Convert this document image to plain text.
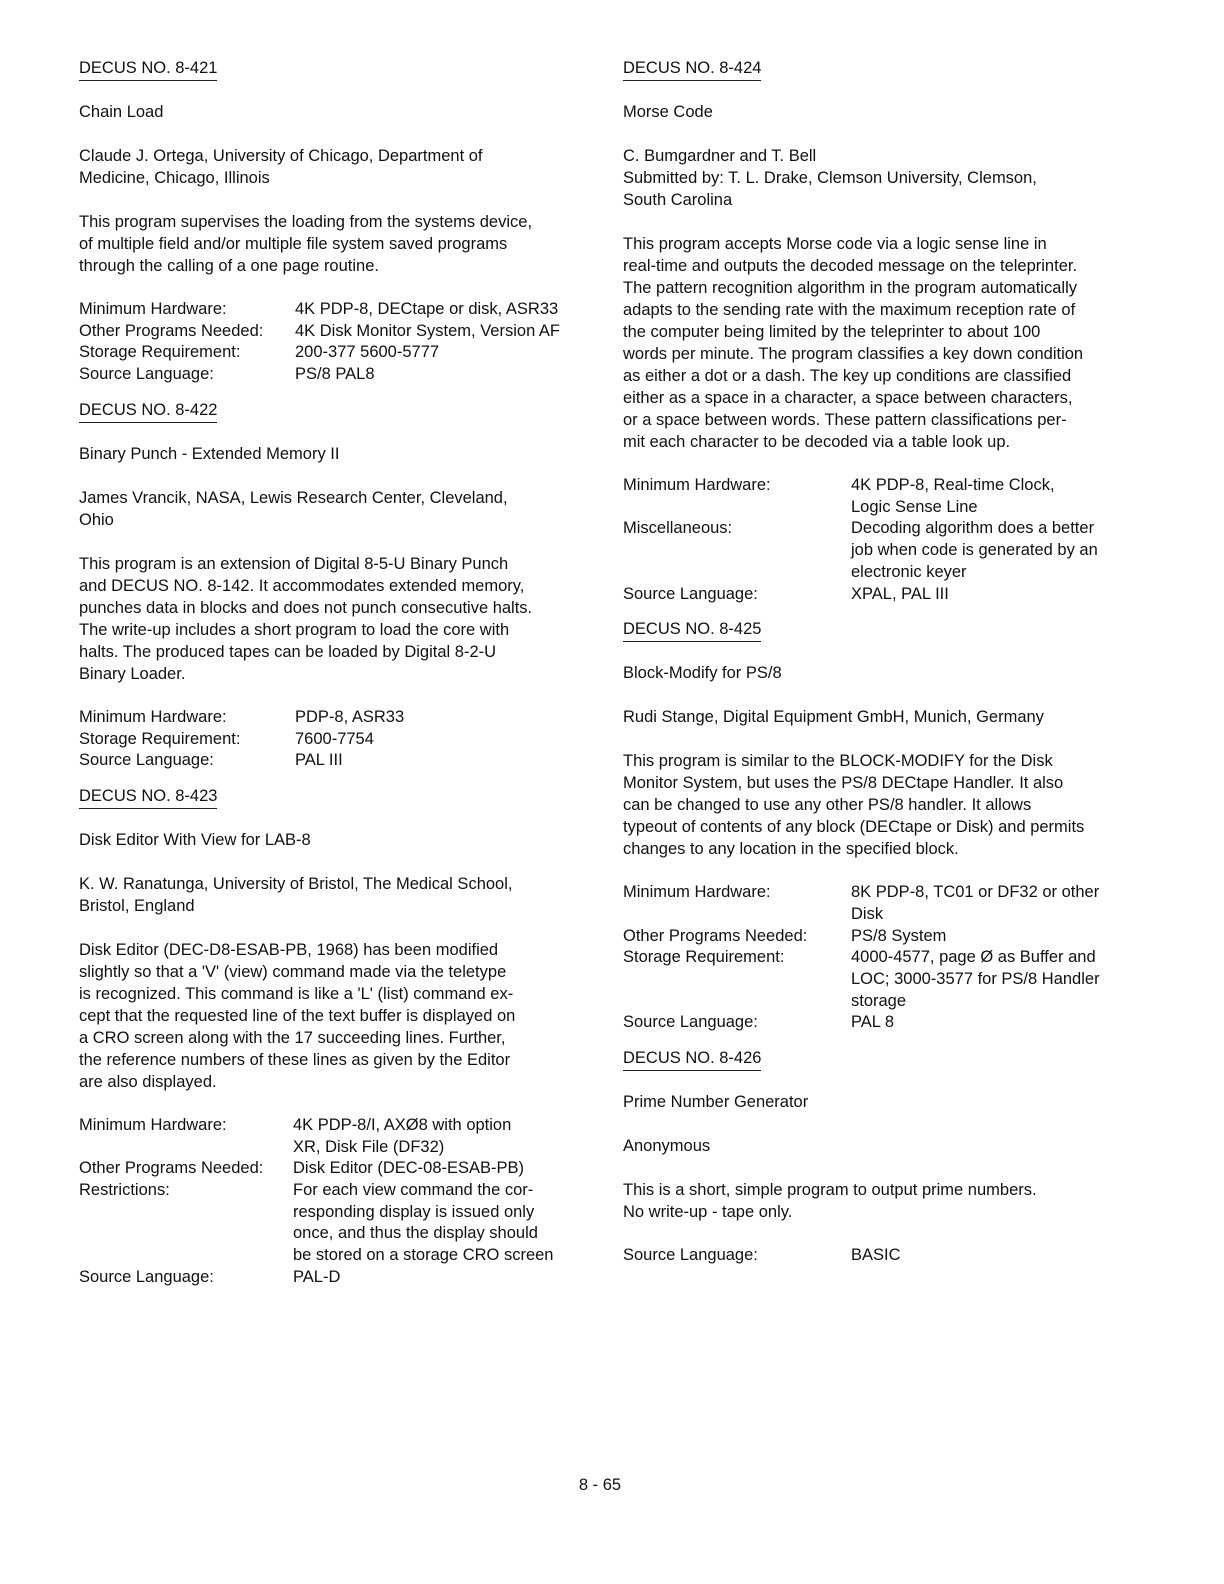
DECUS NO. 8-421
Chain Load
Claude J. Ortega, University of Chicago, Department of
Medicine, Chicago, Illinois
This program supervises the loading from the systems device,
of multiple field and/or multiple file system saved programs
through the calling of a one page routine.
Minimum Hardware:	4K PDP-8, DECtape or disk, ASR33
Other Programs Needed:	4K Disk Monitor System, Version AF
Storage Requirement:	200-377 5600-5777
Source Language:	PS/8 PAL8
DECUS NO. 8-422
Binary Punch - Extended Memory II
James Vrancik, NASA, Lewis Research Center, Cleveland,
Ohio
This program is an extension of Digital 8-5-U Binary Punch
and DECUS NO. 8-142. It accommodates extended memory,
punches data in blocks and does not punch consecutive halts.
The write-up includes a short program to load the core with
halts. The produced tapes can be loaded by Digital 8-2-U
Binary Loader.
Minimum Hardware:	PDP-8, ASR33
Storage Requirement:	7600-7754
Source Language:	PAL III
DECUS NO. 8-423
Disk Editor With View for LAB-8
K. W. Ranatunga, University of Bristol, The Medical School,
Bristol, England
Disk Editor (DEC-D8-ESAB-PB, 1968) has been modified
slightly so that a 'V' (view) command made via the teletype
is recognized. This command is like a 'L' (list) command ex-
cept that the requested line of the text buffer is displayed on
a CRO screen along with the 17 succeeding lines. Further,
the reference numbers of these lines as given by the Editor
are also displayed.
Minimum Hardware:	4K PDP-8/I, AXØ8 with option
XR, Disk File (DF32)
Other Programs Needed:	Disk Editor (DEC-08-ESAB-PB)
Restrictions:	For each view command the cor-
responding display is issued only
once, and thus the display should
be stored on a storage CRO screen
Source Language:	PAL-D
DECUS NO. 8-424
Morse Code
C. Bumgardner and T. Bell
Submitted by: T. L. Drake, Clemson University, Clemson,
South Carolina
This program accepts Morse code via a logic sense line in
real-time and outputs the decoded message on the teleprinter.
The pattern recognition algorithm in the program automatically
adapts to the sending rate with the maximum reception rate of
the computer being limited by the teleprinter to about 100
words per minute. The program classifies a key down condition
as either a dot or a dash. The key up conditions are classified
either as a space in a character, a space between characters,
or a space between words. These pattern classifications per-
mit each character to be decoded via a table look up.
Minimum Hardware:	4K PDP-8, Real-time Clock,
Logic Sense Line
Miscellaneous:	Decoding algorithm does a better
job when code is generated by an
electronic keyer
Source Language:	XPAL, PAL III
DECUS NO. 8-425
Block-Modify for PS/8
Rudi Stange, Digital Equipment GmbH, Munich, Germany
This program is similar to the BLOCK-MODIFY for the Disk
Monitor System, but uses the PS/8 DECtape Handler. It also
can be changed to use any other PS/8 handler. It allows
typeout of contents of any block (DECtape or Disk) and permits
changes to any location in the specified block.
Minimum Hardware:	8K PDP-8, TC01 or DF32 or other
Disk
Other Programs Needed:	PS/8 System
Storage Requirement:	4000-4577, page Ø as Buffer and
LOC; 3000-3577 for PS/8 Handler
storage
Source Language:	PAL 8
DECUS NO. 8-426
Prime Number Generator
Anonymous
This is a short, simple program to output prime numbers.
No write-up - tape only.
Source Language:	BASIC
8 - 65
